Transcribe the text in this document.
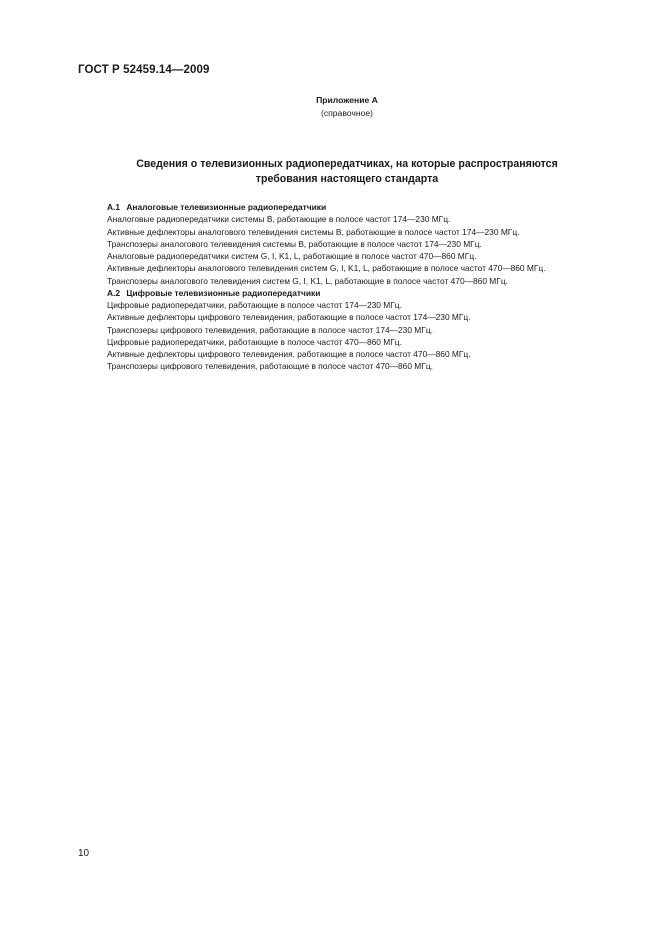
ГОСТ Р 52459.14—2009
Приложение А
(справочное)
Сведения о телевизионных радиопередатчиках, на которые распространяются
требования настоящего стандарта
А.1 Аналоговые телевизионные радиопередатчики
Аналоговые радиопередатчики системы В, работающие в полосе частот 174—230 МГц.
Активные дефлекторы аналогового телевидения системы В, работающие в полосе частот 174—230 МГц.
Транспозеры аналогового телевидения системы В, работающие в полосе частот 174—230 МГц.
Аналоговые радиопередатчики систем G, I, K1, L, работающие в полосе частот 470—860 МГц.
Активные дефлекторы аналогового телевидения систем G, I, K1, L, работающие в полосе частот 470—860 МГц.
Транспозеры аналогового телевидения систем G, I, K1, L, работающие в полосе частот 470—860 МГц.
А.2 Цифровые телевизионные радиопередатчики
Цифровые радиопередатчики, работающие в полосе частот 174—230 МГц.
Активные дефлекторы цифрового телевидения, работающие в полосе частот 174—230 МГц.
Транспозеры цифрового телевидения, работающие в полосе частот 174—230 МГц.
Цифровые радиопередатчики, работающие в полосе частот 470—860 МГц.
Активные дефлекторы цифрового телевидения, работающие в полосе частот 470—860 МГц.
Транспозеры цифрового телевидения, работающие в полосе частот 470—860 МГц.
10
